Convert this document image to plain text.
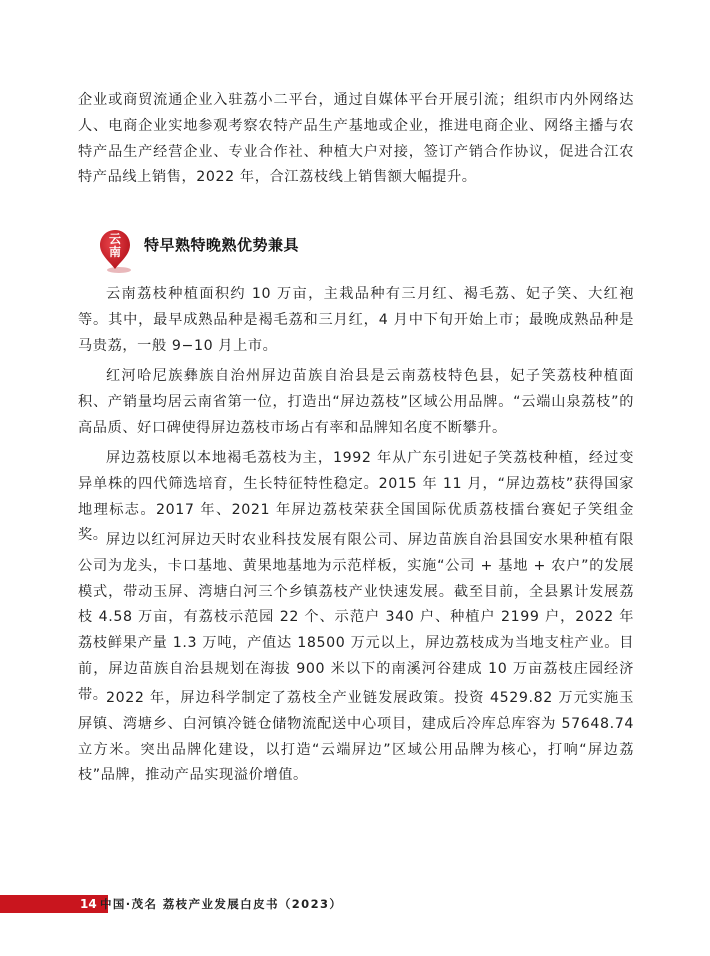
企业或商贸流通企业入驻荔小二平台，通过自媒体平台开展引流；组织市内外网络达人、电商企业实地参观考察农特产品生产基地或企业，推进电商企业、网络主播与农特产品生产经营企业、专业合作社、种植大户对接，签订产销合作协议，促进合江农特产品线上销售，2022 年，合江荔枝线上销售额大幅提升。

云
南	特早熟特晚熟优势兼具

云南荔枝种植面积约 10 万亩，主栽品种有三月红、褐毛荔、妃子笑、大红袍等。其中，最早成熟品种是褐毛荔和三月红，4 月中下旬开始上市；最晚成熟品种是马贵荔，一般 9−10 月上市。

红河哈尼族彝族自治州屏边苗族自治县是云南荔枝特色县，妃子笑荔枝种植面积、产销量均居云南省第一位，打造出“屏边荔枝”区域公用品牌。“云端山泉荔枝”的高品质、好口碑使得屏边荔枝市场占有率和品牌知名度不断攀升。

屏边荔枝原以本地褐毛荔枝为主，1992 年从广东引进妃子笑荔枝种植，经过变异单株的四代筛选培育，生长特征特性稳定。2015 年 11 月，“屏边荔枝”获得国家地理标志。2017 年、2021 年屏边荔枝荣获全国国际优质荔枝擂台赛妃子笑组金奖。

屏边以红河屏边天时农业科技发展有限公司、屏边苗族自治县国安水果种植有限公司为龙头，卡口基地、黄果地基地为示范样板，实施“公司 + 基地 + 农户”的发展模式，带动玉屏、湾塘白河三个乡镇荔枝产业快速发展。截至目前，全县累计发展荔枝 4.58 万亩，有荔枝示范园 22 个、示范户 340 户、种植户 2199 户，2022 年荔枝鲜果产量 1.3 万吨，产值达 18500 万元以上，屏边荔枝成为当地支柱产业。目前，屏边苗族自治县规划在海拔 900 米以下的南溪河谷建成 10 万亩荔枝庄园经济带。

2022 年，屏边科学制定了荔枝全产业链发展政策。投资 4529.82 万元实施玉屏镇、湾塘乡、白河镇冷链仓储物流配送中心项目，建成后冷库总库容为 57648.74 立方米。突出品牌化建设，以打造“云端屏边”区域公用品牌为核心，打响“屏边荔枝”品牌，推动产品实现溢价增值。

14 中国·茂名 荔枝产业发展白皮书（2023）
